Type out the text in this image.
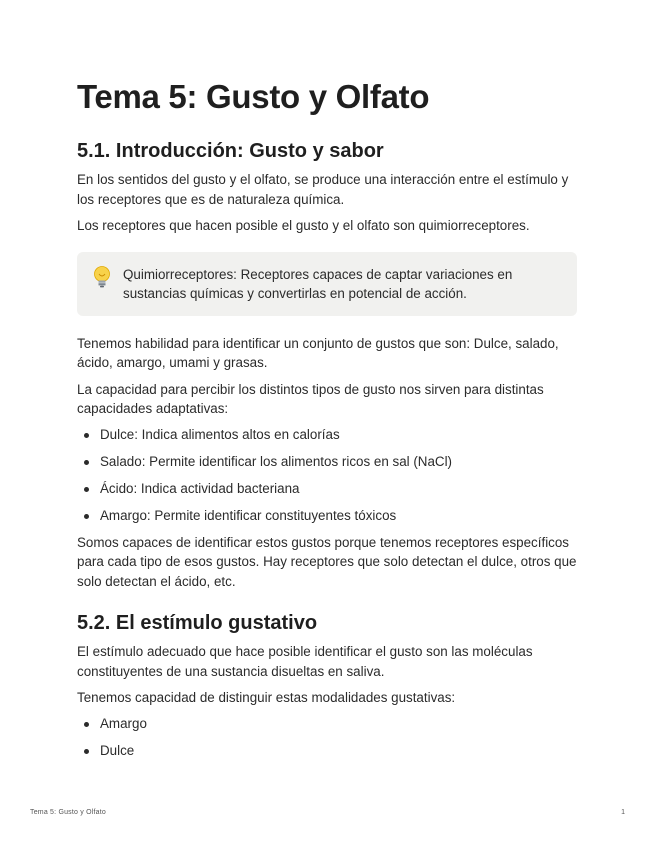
Tema 5: Gusto y Olfato
5.1. Introducción: Gusto y sabor

En los sentidos del gusto y el olfato, se produce una interacción entre el estímulo y los receptores que es de naturaleza química.

Los receptores que hacen posible el gusto y el olfato son quimiorreceptores.

Quimiorreceptores: Receptores capaces de captar variaciones en sustancias químicas y convertirlas en potencial de acción.

Tenemos habilidad para identificar un conjunto de gustos que son: Dulce, salado, ácido, amargo, umami y grasas.

La capacidad para percibir los distintos tipos de gusto nos sirven para distintas capacidades adaptativas:

Dulce: Indica alimentos altos en calorías
Salado: Permite identificar los alimentos ricos en sal (NaCl)
Ácido: Indica actividad bacteriana
Amargo: Permite identificar constituyentes tóxicos

Somos capaces de identificar estos gustos porque tenemos receptores específicos para cada tipo de esos gustos. Hay receptores que solo detectan el dulce, otros que solo detectan el ácido, etc.

5.2. El estímulo gustativo

El estímulo adecuado que hace posible identificar el gusto son las moléculas constituyentes de una sustancia disueltas en saliva.

Tenemos capacidad de distinguir estas modalidades gustativas:

Amargo
Dulce
Tema 5: Gusto y Olfato	1
